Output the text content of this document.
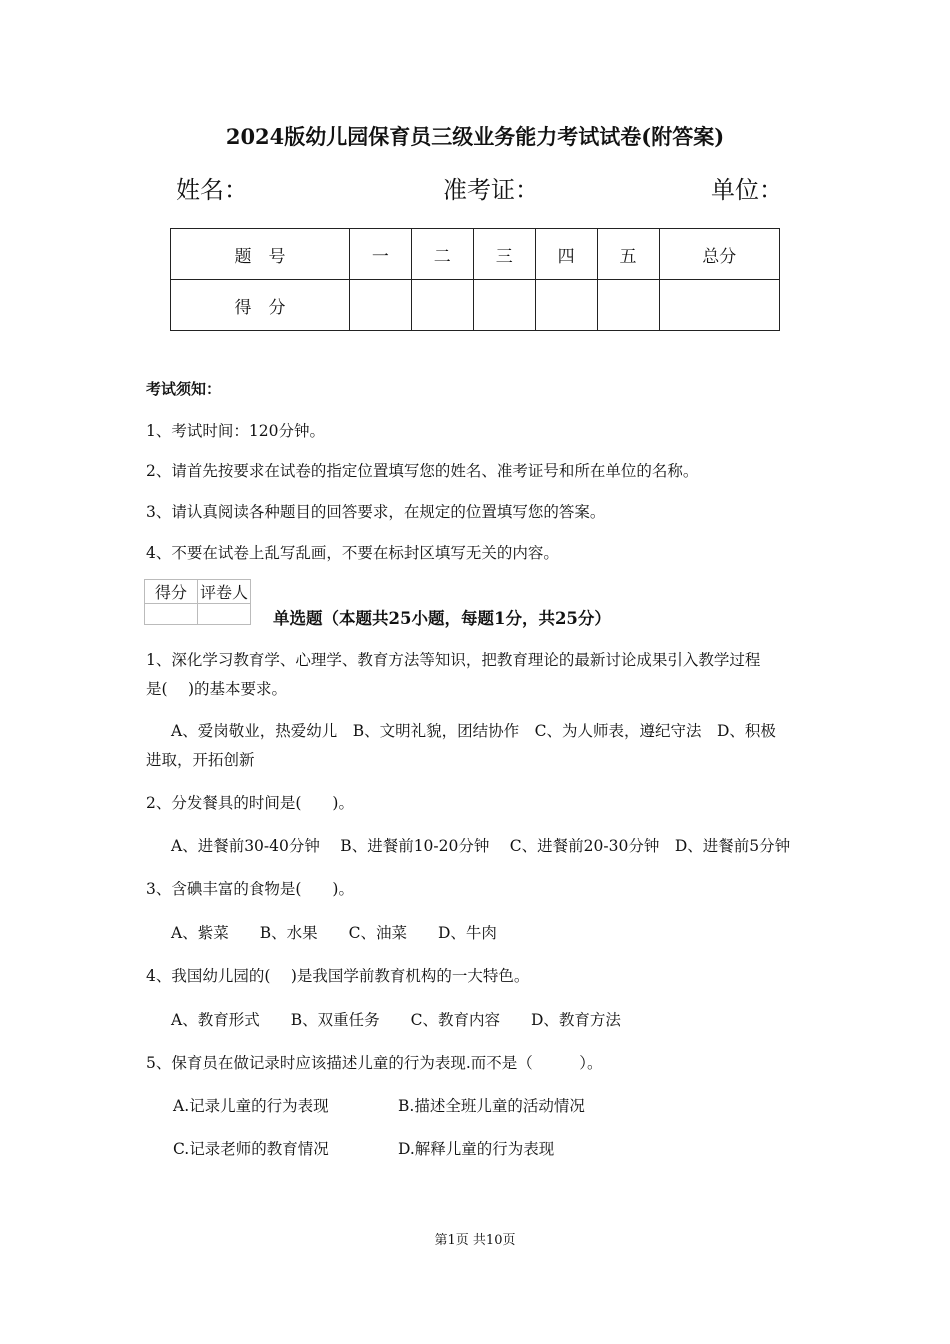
2024版幼儿园保育员三级业务能力考试试卷(附答案)
姓名：	准考证：	单位：
题　号	一	二	三	四	五	总分
得　分						
考试须知：
1、考试时间：120分钟。
2、请首先按要求在试卷的指定位置填写您的姓名、准考证号和所在单位的名称。
3、请认真阅读各种题目的回答要求，在规定的位置填写您的答案。
4、不要在试卷上乱写乱画，不要在标封区填写无关的内容。
得分	评卷人

单选题（本题共25小题，每题1分，共25分）
1、深化学习教育学、心理学、教育方法等知识，把教育理论的最新讨论成果引入教学过程
是(　 )的基本要求。
A、爱岗敬业，热爱幼儿　B、文明礼貌，团结协作　C、为人师表，遵纪守法　D、积极
进取，开拓创新
2、分发餐具的时间是(　　)。
A、进餐前30-40分钟　 B、进餐前10-20分钟　 C、进餐前20-30分钟　D、进餐前5分钟
3、含碘丰富的食物是(　　)。
A、紫菜　　B、水果　　C、油菜　　D、牛肉
4、我国幼儿园的(　 )是我国学前教育机构的一大特色。
A、教育形式　　B、双重任务　　C、教育内容　　D、教育方法
5、保育员在做记录时应该描述儿童的行为表现.而不是（　　　）。
A.记录儿童的行为表现	B.描述全班儿童的活动情况
C.记录老师的教育情况	D.解释儿童的行为表现
第1页 共10页
